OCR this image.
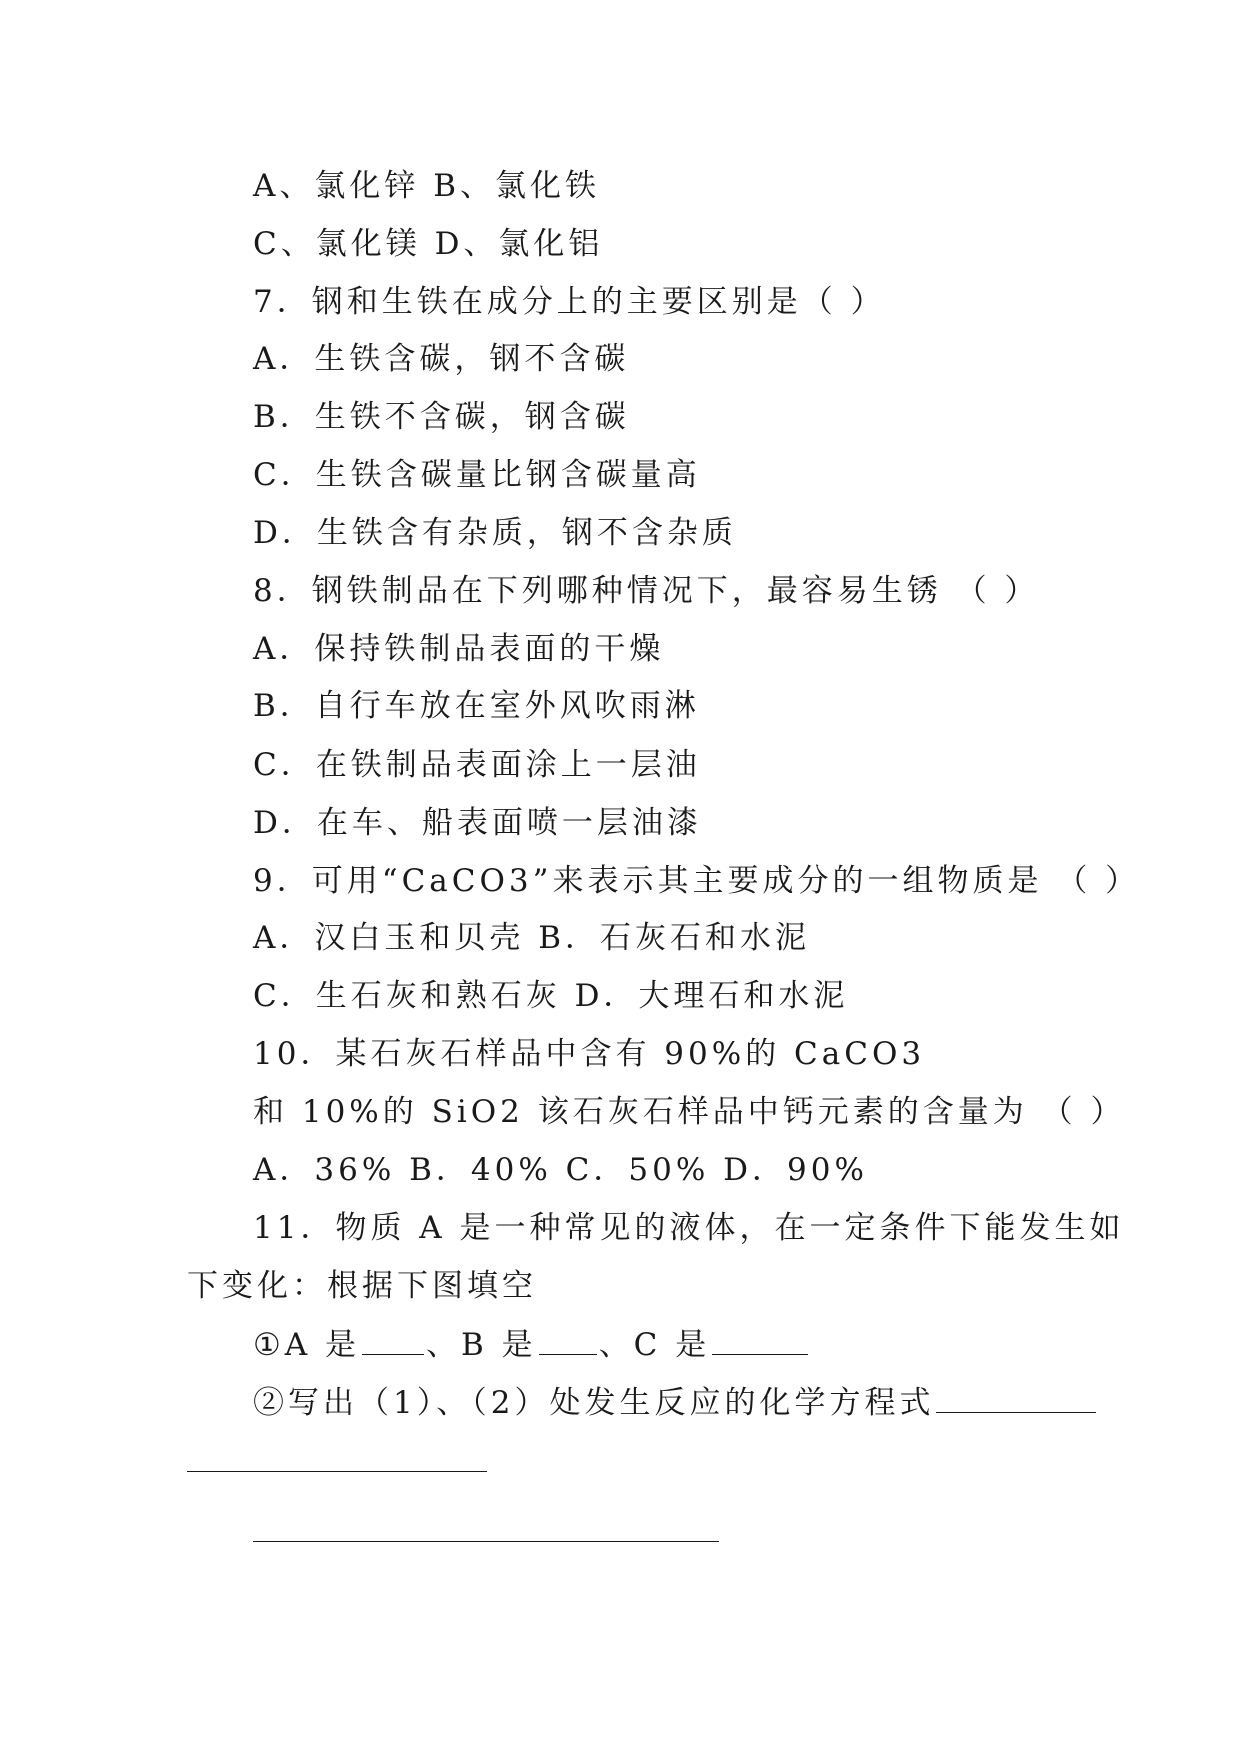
A、氯化锌 B、氯化铁
C、氯化镁 D、氯化铝
7．钢和生铁在成分上的主要区别是（ ）
A．生铁含碳，钢不含碳
B．生铁不含碳，钢含碳
C．生铁含碳量比钢含碳量高
D．生铁含有杂质，钢不含杂质
8．钢铁制品在下列哪种情况下，最容易生锈 （ ）
A．保持铁制品表面的干燥
B．自行车放在室外风吹雨淋
C．在铁制品表面涂上一层油
D．在车、船表面喷一层油漆
9．可用“CaCO3”来表示其主要成分的一组物质是 （ ）
A．汉白玉和贝壳 B．石灰石和水泥
C．生石灰和熟石灰 D．大理石和水泥
10．某石灰石样品中含有 90%的 CaCO3
和 10%的 SiO2 该石灰石样品中钙元素的含量为 （ ）
A．36% B．40% C．50% D．90%
11．物质 A 是一种常见的液体，在一定条件下能发生如
下变化：根据下图填空
①A 是 、B 是 、C 是
②写出（1）、（2）处发生反应的化学方程式
